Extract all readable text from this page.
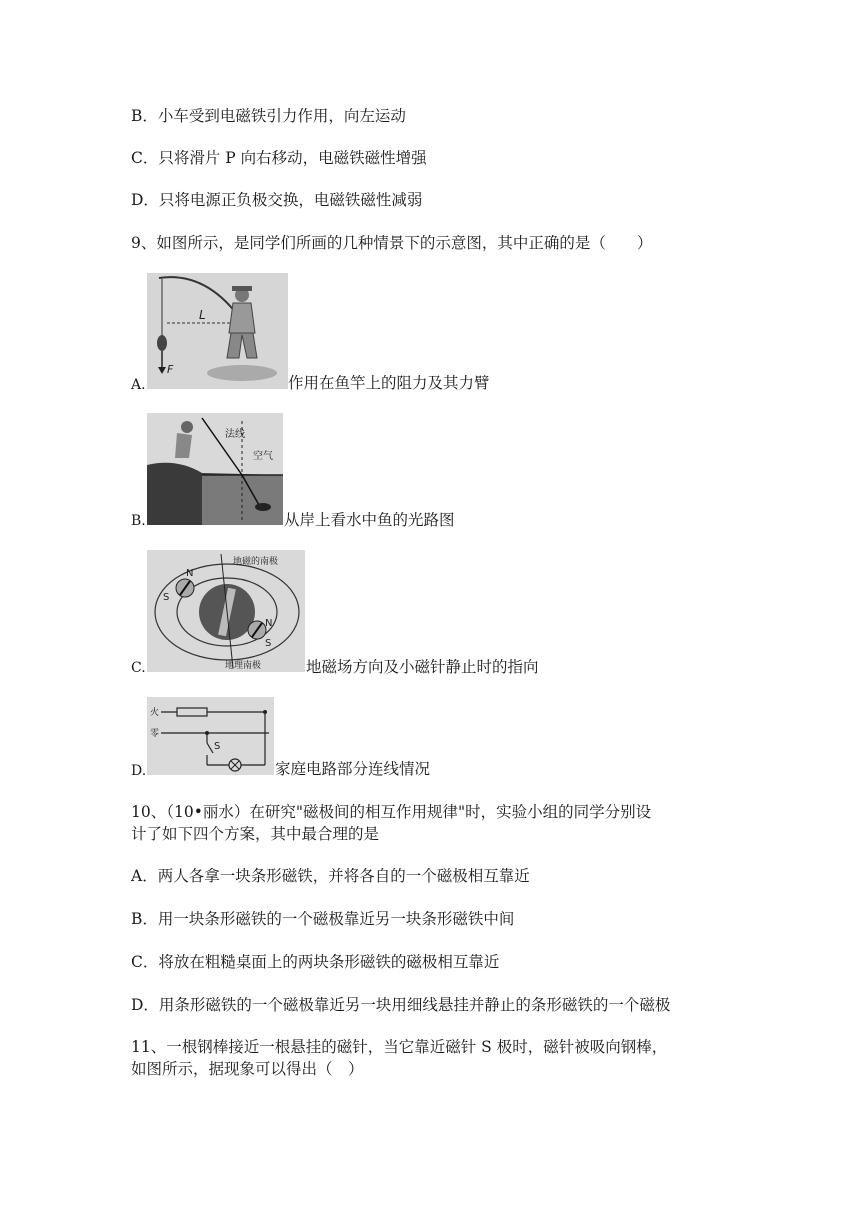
B．小车受到电磁铁引力作用，向左运动
C．只将滑片 P 向右移动，电磁铁磁性增强
D．只将电源正负极交换，电磁铁磁性减弱
9、如图所示，是同学们所画的几种情景下的示意图，其中正确的是（　　）
A.
L
F
作用在鱼竿上的阻力及其力臂
B.
法线
空气
从岸上看水中鱼的光路图
C.
地磁的南极
地理南极
N
S
N
S
地磁场方向及小磁针静止时的指向
D.
火
零
S
家庭电路部分连线情况
10、（10•丽水）在研究"磁极间的相互作用规律"时，实验小组的同学分别设
计了如下四个方案，其中最合理的是
A．两人各拿一块条形磁铁，并将各自的一个磁极相互靠近
B．用一块条形磁铁的一个磁极靠近另一块条形磁铁中间
C．将放在粗糙桌面上的两块条形磁铁的磁极相互靠近
D．用条形磁铁的一个磁极靠近另一块用细线悬挂并静止的条形磁铁的一个磁极
11、一根钢棒接近一根悬挂的磁针，当它靠近磁针 S 极时，磁针被吸向钢棒，
如图所示，据现象可以得出（　）
